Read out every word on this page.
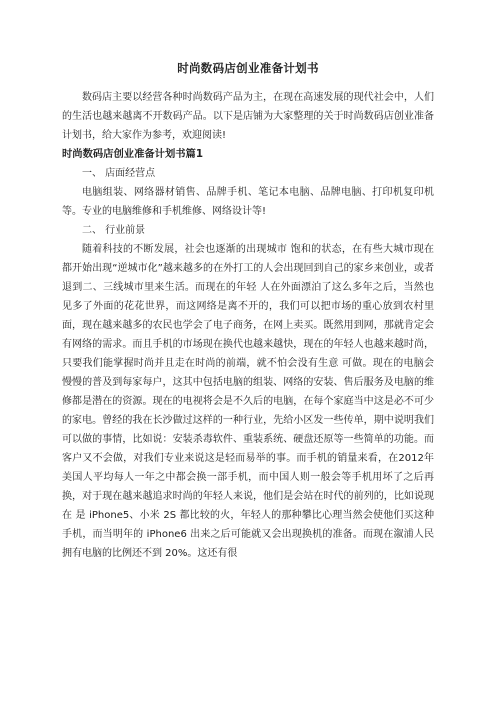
时尚数码店创业准备计划书

数码店主要以经营各种时尚数码产品为主，在现在高速发展的现代社会中，人们的生活也越来越离不开数码产品。以下是店铺为大家整理的关于时尚数码店创业准备计划书，给大家作为参考，欢迎阅读!

时尚数码店创业准备计划书篇1

一、 店面经营点

电脑组装、网络器材销售、品牌手机、笔记本电脑、品牌电脑、打印机复印机等。专业的电脑维修和手机维修、网络设计等!

二、 行业前景

随着科技的不断发展，社会也逐渐的出现城市 饱和的状态，在有些大城市现在都开始出现“逆城市化”越来越多的在外打工的人会出现回到自己的家乡来创业，或者退到二、三线城市里来生活。而现在的年轻 人在外面漂泊了这么多年之后，当然也见多了外面的花花世界，而这网络是离不开的，我们可以把市场的重心放到农村里面，现在越来越多的农民也学会了电子商务，在网上卖买。既然用到网，那就肯定会有网络的需求。而且手机的市场现在换代也越来越快，现在的年轻人也越来越时尚，只要我们能掌握时尚并且走在时尚的前端，就不怕会没有生意 可做。现在的电脑会慢慢的普及到每家每户，这其中包括电脑的组装、网络的安装、售后服务及电脑的维修都是潜在的资源。现在的电视将会是不久后的电脑，在每个家庭当中这是必不可少的家电。曾经的我在长沙做过这样的一种行业，先给小区发一些传单，期中说明我们可以做的事情，比如说：安装杀毒软件、重装系统、硬盘还原等一些简单的功能。而客户又不会做，对我们专业来说这是轻而易举的事。而手机的销量来看，在2012年美国人平均每人一年之中都会换一部手机，而中国人则一般会等手机用坏了之后再换，对于现在越来越追求时尚的年轻人来说，他们是会站在时代的前列的，比如说现在 是 iPhone5、小米 2S 都比较的火，年轻人的那种攀比心理当然会使他们买这种手机，而当明年的 iPhone6 出来之后可能就又会出现换机的准备。而现在溆浦人民拥有电脑的比例还不到 20%。这还有很
